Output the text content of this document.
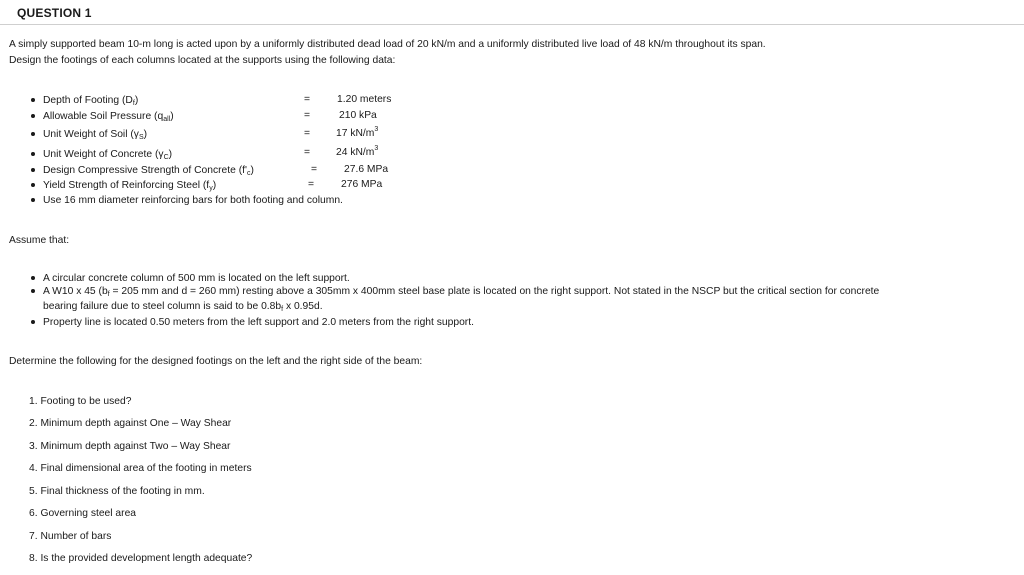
QUESTION 1
A simply supported beam 10-m long is acted upon by a uniformly distributed dead load of 20 kN/m and a uniformly distributed live load of 48 kN/m throughout its span.
Design the footings of each columns located at the supports using the following data:
Depth of Footing $(D_f)$	=	1.20 meters
Allowable Soil Pressure $(q_{all})$	=	210 kPa
Unit Weight of Soil $(\gamma_S)$	=	17 $kN/m^3$
Unit Weight of Concrete $(\gamma_C)$	=	24 $kN/m^3$
Design Compressive Strength of Concrete $(f'_c)$	=	27.6 MPa
Yield Strength of Reinforcing Steel $(f_y)$	=	276 MPa
Use 16 mm diameter reinforcing bars for both footing and column.
Assume that:
A circular concrete column of 500 mm is located on the left support.
A W10 x 45 ($b_f = 205$ mm and d = 260 mm) resting above a 305mm x 400mm steel base plate is located on the right support. Not stated in the NSCP but the critical section for concrete
bearing failure due to steel column is said to be $0.8b_f$ x 0.95d.
Property line is located 0.50 meters from the left support and 2.0 meters from the right support.
Determine the following for the designed footings on the left and the right side of the beam:
1. Footing to be used?
2. Minimum depth against One – Way Shear
3. Minimum depth against Two – Way Shear
4. Final dimensional area of the footing in meters
5. Final thickness of the footing in mm.
6. Governing steel area
7. Number of bars
8. Is the provided development length adequate?
